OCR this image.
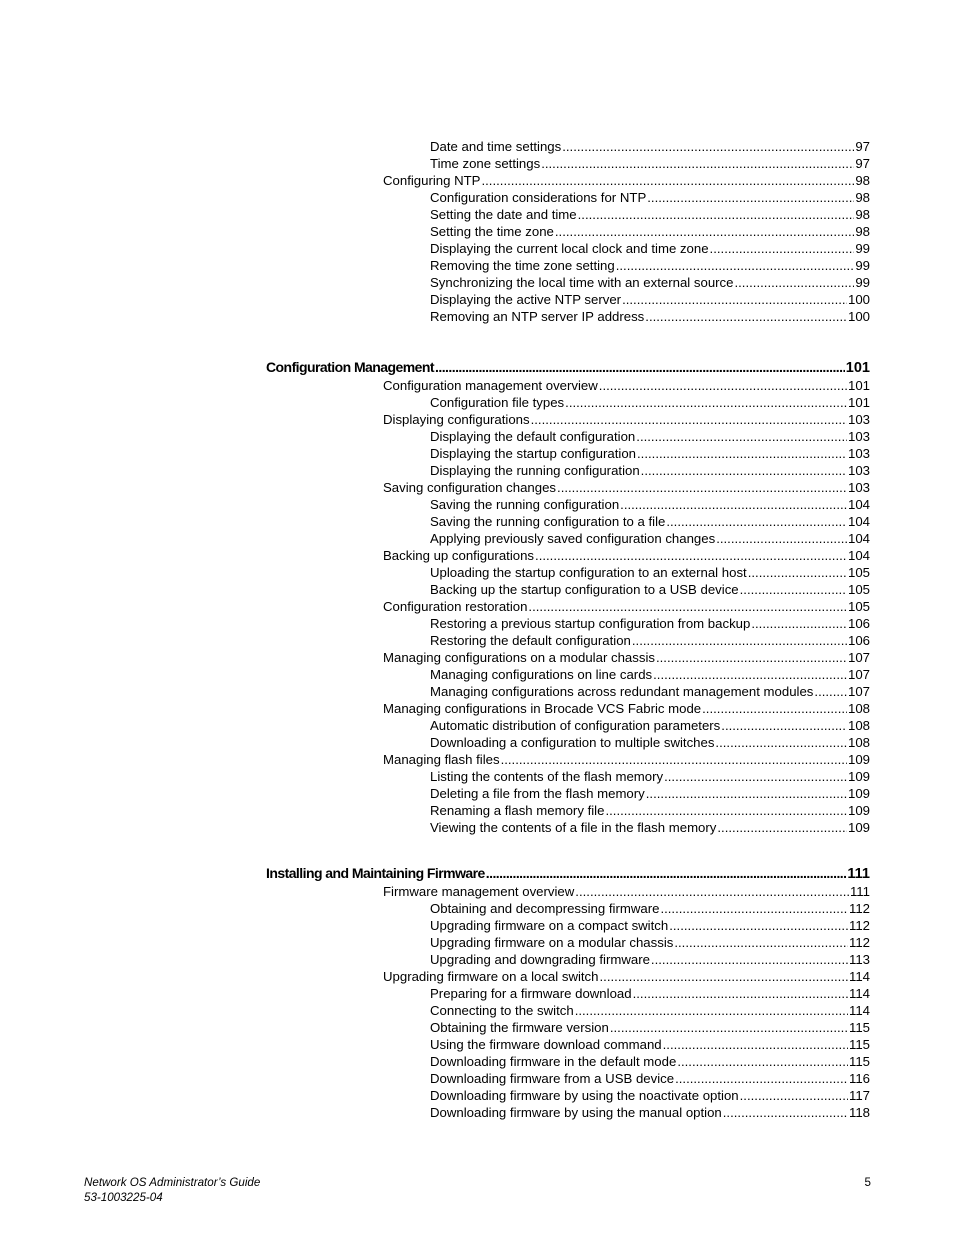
Date and time settings .....	97
Time zone settings .....	97
Configuring NTP .....	98
Configuration considerations for NTP .....	98
Setting the date and time .....	98
Setting the time zone .....	98
Displaying the current local clock and time zone .....	99
Removing the time zone setting .....	99
Synchronizing the local time with an external source .....	99
Displaying the active NTP server .....	100
Removing an NTP server IP address .....	100
Configuration Management .....	101
Configuration management overview .....	101
Configuration file types .....	101
Displaying configurations .....	103
Displaying the default configuration .....	103
Displaying the startup configuration .....	103
Displaying the running configuration .....	103
Saving configuration changes .....	103
Saving the running configuration .....	104
Saving the running configuration to a file .....	104
Applying previously saved configuration changes .....	104
Backing up configurations .....	104
Uploading the startup configuration to an external host .....	105
Backing up the startup configuration to a USB device .....	105
Configuration restoration .....	105
Restoring a previous startup configuration from backup .....	106
Restoring the default configuration .....	106
Managing configurations on a modular chassis .....	107
Managing configurations on line cards .....	107
Managing configurations across redundant management modules .....	107
Managing configurations in Brocade VCS Fabric mode .....	108
Automatic distribution of configuration parameters .....	108
Downloading a configuration to multiple switches .....	108
Managing flash files .....	109
Listing the contents of the flash memory .....	109
Deleting a file from the flash memory .....	109
Renaming a flash memory file .....	109
Viewing the contents of a file in the flash memory .....	109
Installing and Maintaining Firmware .....	111
Firmware management overview .....	111
Obtaining and decompressing firmware .....	112
Upgrading firmware on a compact switch .....	112
Upgrading firmware on a modular chassis .....	112
Upgrading and downgrading firmware .....	113
Upgrading firmware on a local switch .....	114
Preparing for a firmware download .....	114
Connecting to the switch .....	114
Obtaining the firmware version .....	115
Using the firmware download command .....	115
Downloading firmware in the default mode .....	115
Downloading firmware from a USB device .....	116
Downloading firmware by using the noactivate option .....	117
Downloading firmware by using the manual option .....	118
Network OS Administrator’s Guide
53-1003225-04
5
